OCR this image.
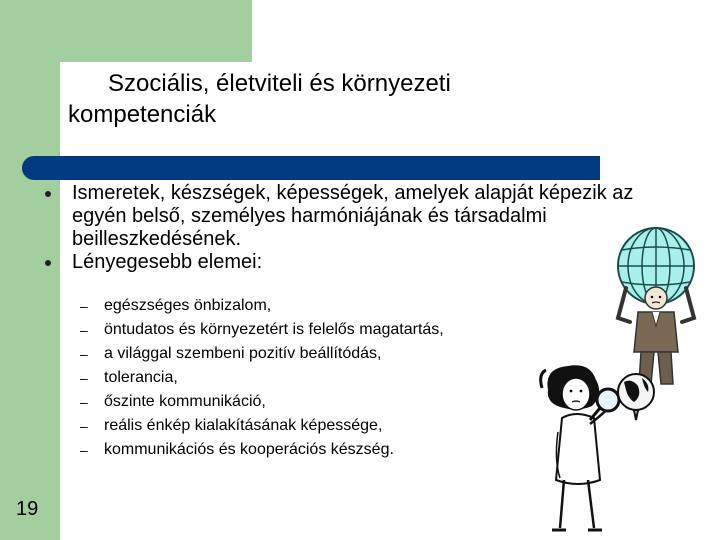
Szociális, életviteli és környezeti kompetenciák
Ismeretek, készségek, képességek, amelyek alapját képezik az egyén belső, személyes harmóniájának és társadalmi beilleszkedésének.
Lényegesebb elemei:
– egészséges önbizalom,
– öntudatos és környezetért is felelős magatartás,
– a világgal szembeni pozitív beállítódás,
– tolerancia,
– őszinte kommunikáció,
– reális énkép kialakításának képessége,
– kommunikációs és kooperációs készség.
19
